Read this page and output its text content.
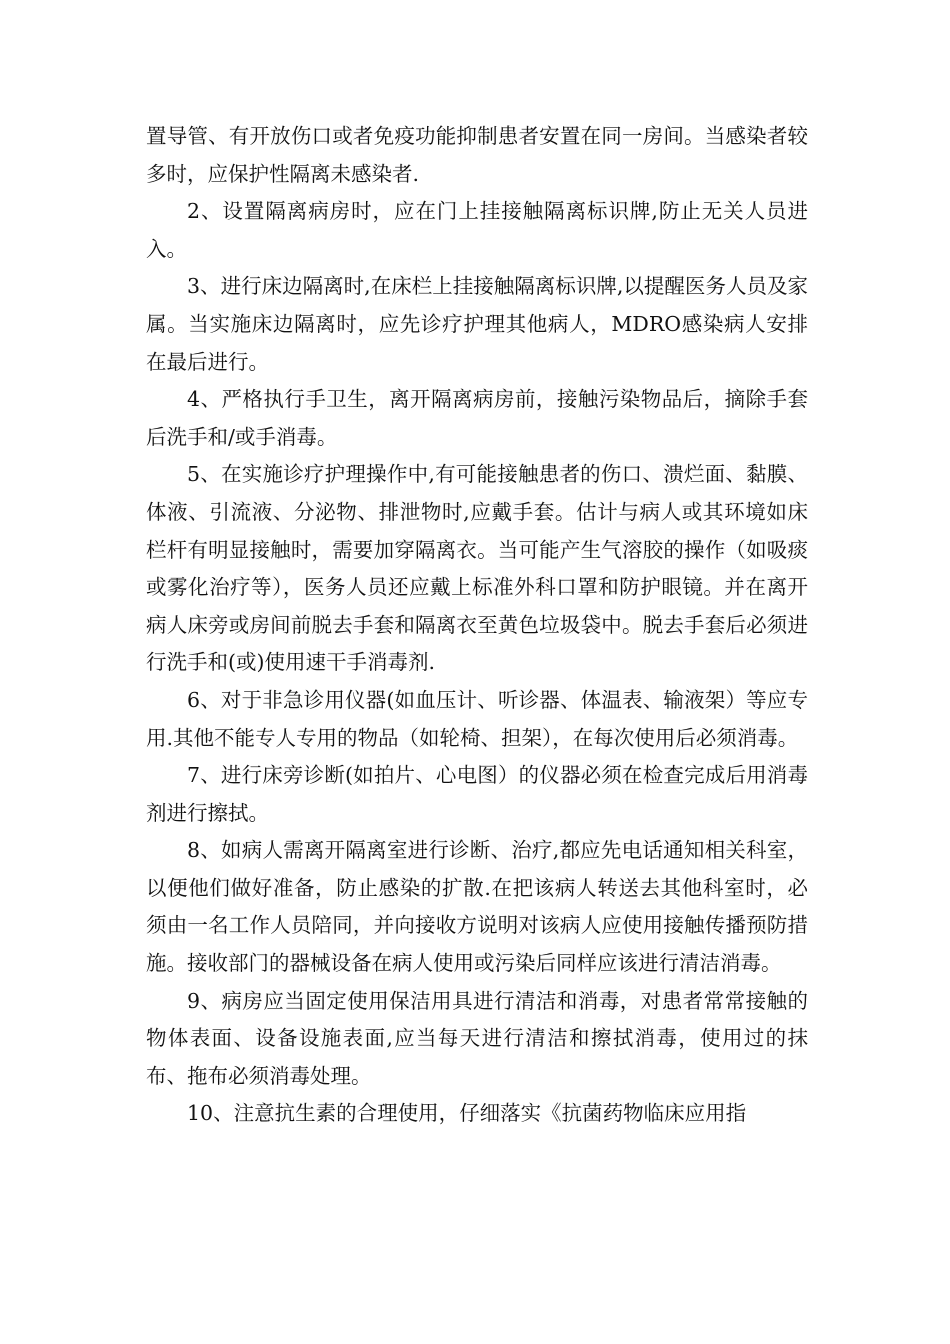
置导管、有开放伤口或者免疫功能抑制患者安置在同一房间。当感染者较多时，应保护性隔离未感染者.

2、设置隔离病房时，应在门上挂接触隔离标识牌,防止无关人员进入。

3、进行床边隔离时,在床栏上挂接触隔离标识牌,以提醒医务人员及家属。当实施床边隔离时，应先诊疗护理其他病人，MDRO感染病人安排在最后进行。

4、严格执行手卫生，离开隔离病房前，接触污染物品后，摘除手套后洗手和/或手消毒。

5、在实施诊疗护理操作中,有可能接触患者的伤口、溃烂面、黏膜、体液、引流液、分泌物、排泄物时,应戴手套。估计与病人或其环境如床栏杆有明显接触时，需要加穿隔离衣。当可能产生气溶胶的操作（如吸痰或雾化治疗等），医务人员还应戴上标准外科口罩和防护眼镜。并在离开病人床旁或房间前脱去手套和隔离衣至黄色垃圾袋中。脱去手套后必须进行洗手和(或)使用速干手消毒剂.

6、对于非急诊用仪器(如血压计、听诊器、体温表、输液架）等应专用.其他不能专人专用的物品（如轮椅、担架），在每次使用后必须消毒。

7、进行床旁诊断(如拍片、心电图）的仪器必须在检查完成后用消毒剂进行擦拭。

8、如病人需离开隔离室进行诊断、治疗,都应先电话通知相关科室，以便他们做好准备，防止感染的扩散.在把该病人转送去其他科室时，必须由一名工作人员陪同，并向接收方说明对该病人应使用接触传播预防措施。接收部门的器械设备在病人使用或污染后同样应该进行清洁消毒。

9、病房应当固定使用保洁用具进行清洁和消毒，对患者常常接触的物体表面、设备设施表面,应当每天进行清洁和擦拭消毒，使用过的抹布、拖布必须消毒处理。

10、注意抗生素的合理使用，仔细落实《抗菌药物临床应用指
